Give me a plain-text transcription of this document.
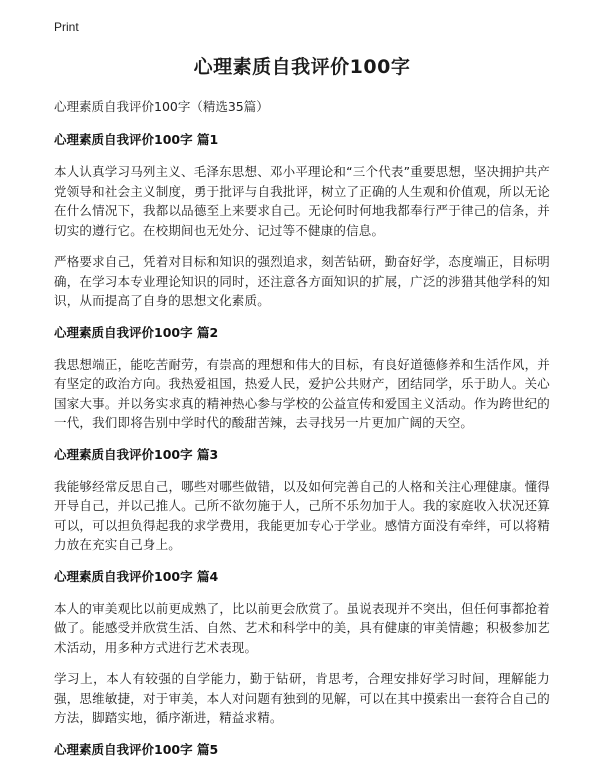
Print
心理素质自我评价100字
心理素质自我评价100字（精选35篇）
心理素质自我评价100字 篇1

本人认真学习马列主义、毛泽东思想、邓小平理论和“三个代表”重要思想，坚决拥护共产党领导和社会主义制度，勇于批评与自我批评，树立了正确的人生观和价值观，所以无论在什么情况下，我都以品德至上来要求自己。无论何时何地我都奉行严于律己的信条，并切实的遵行它。在校期间也无处分、记过等不健康的信息。

严格要求自己，凭着对目标和知识的强烈追求，刻苦钻研，勤奋好学，态度端正，目标明确，在学习本专业理论知识的同时，还注意各方面知识的扩展，广泛的涉猎其他学科的知识，从而提高了自身的思想文化素质。

心理素质自我评价100字 篇2

我思想端正，能吃苦耐劳，有崇高的理想和伟大的目标，有良好道德修养和生活作风，并有坚定的政治方向。我热爱祖国，热爱人民，爱护公共财产，团结同学，乐于助人。关心国家大事。并以务实求真的精神热心参与学校的公益宣传和爱国主义活动。作为跨世纪的一代，我们即将告别中学时代的酸甜苦辣，去寻找另一片更加广阔的天空。

心理素质自我评价100字 篇3

我能够经常反思自己，哪些对哪些做错，以及如何完善自己的人格和关注心理健康。懂得开导自己，并以己推人。己所不欲勿施于人，己所不乐勿加于人。我的家庭收入状况还算可以，可以担负得起我的求学费用，我能更加专心于学业。感情方面没有牵绊，可以将精力放在充实自己身上。

心理素质自我评价100字 篇4

本人的审美观比以前更成熟了，比以前更会欣赏了。虽说表现并不突出，但任何事都抢着做了。能感受并欣赏生活、自然、艺术和科学中的美，具有健康的审美情趣；积极参加艺术活动，用多种方式进行艺术表现。

学习上，本人有较强的自学能力，勤于钻研，肯思考，合理安排好学习时间，理解能力强，思维敏捷，对于审美，本人对问题有独到的见解，可以在其中摸索出一套符合自己的方法，脚踏实地，循序渐进，精益求精。

心理素质自我评价100字 篇5
